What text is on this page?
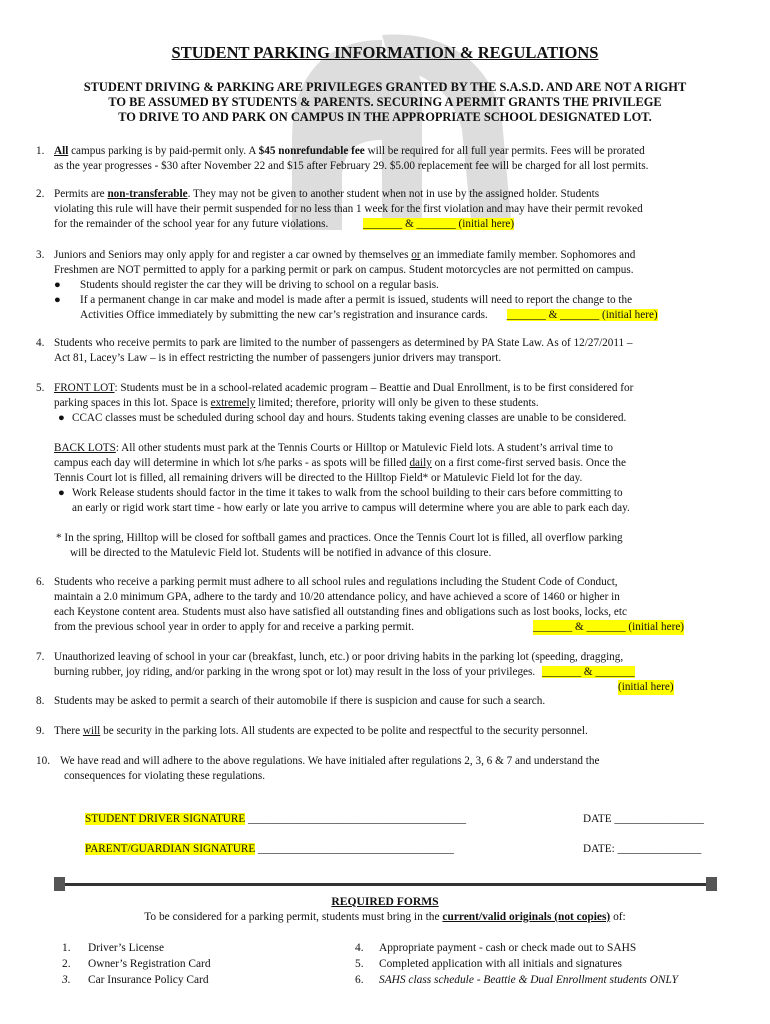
STUDENT PARKING INFORMATION & REGULATIONS
STUDENT DRIVING & PARKING ARE PRIVILEGES GRANTED BY THE S.A.S.D. AND ARE NOT A RIGHT
TO BE ASSUMED BY STUDENTS & PARENTS. SECURING A PERMIT GRANTS THE PRIVILEGE
TO DRIVE TO AND PARK ON CAMPUS IN THE APPROPRIATE SCHOOL DESIGNATED LOT.
1. All campus parking is by paid-permit only. A $45 nonrefundable fee will be required for all full year permits. Fees will be prorated
as the year progresses - $30 after November 22 and $15 after February 29. $5.00 replacement fee will be charged for all lost permits.
2. Permits are non-transferable. They may not be given to another student when not in use by the assigned holder. Students
violating this rule will have their permit suspended for no less than 1 week for the first violation and may have their permit revoked
for the remainder of the school year for any future violations.	_______ & _______ (initial here)
3. Juniors and Seniors may only apply for and register a car owned by themselves or an immediate family member. Sophomores and
Freshmen are NOT permitted to apply for a parking permit or park on campus. Student motorcycles are not permitted on campus.
● Students should register the car they will be driving to school on a regular basis.
● If a permanent change in car make and model is made after a permit is issued, students will need to report the change to the
Activities Office immediately by submitting the new car’s registration and insurance cards. _______ & _______ (initial here)
4. Students who receive permits to park are limited to the number of passengers as determined by PA State Law. As of 12/27/2011 –
Act 81, Lacey’s Law – is in effect restricting the number of passengers junior drivers may transport.
5. FRONT LOT: Students must be in a school-related academic program – Beattie and Dual Enrollment, is to be first considered for
parking spaces in this lot. Space is extremely limited; therefore, priority will only be given to these students.
● CCAC classes must be scheduled during school day and hours. Students taking evening classes are unable to be considered.
BACK LOTS: All other students must park at the Tennis Courts or Hilltop or Matulevic Field lots. A student’s arrival time to
campus each day will determine in which lot s/he parks - as spots will be filled daily on a first come-first served basis. Once the
Tennis Court lot is filled, all remaining drivers will be directed to the Hilltop Field* or Matulevic Field lot for the day.
● Work Release students should factor in the time it takes to walk from the school building to their cars before committing to
an early or rigid work start time - how early or late you arrive to campus will determine where you are able to park each day.
* In the spring, Hilltop will be closed for softball games and practices. Once the Tennis Court lot is filled, all overflow parking
will be directed to the Matulevic Field lot. Students will be notified in advance of this closure.
6. Students who receive a parking permit must adhere to all school rules and regulations including the Student Code of Conduct,
maintain a 2.0 minimum GPA, adhere to the tardy and 10/20 attendance policy, and have achieved a score of 1460 or higher in
each Keystone content area. Students must also have satisfied all outstanding fines and obligations such as lost books, locks, etc
from the previous school year in order to apply for and receive a parking permit.	_______ & _______ (initial here)
7. Unauthorized leaving of school in your car (breakfast, lunch, etc.) or poor driving habits in the parking lot (speeding, dragging,
burning rubber, joy riding, and/or parking in the wrong spot or lot) may result in the loss of your privileges. _______ & _______
(initial here)
8. Students may be asked to permit a search of their automobile if there is suspicion and cause for such a search.
9. There will be security in the parking lots. All students are expected to be polite and respectful to the security personnel.
10. We have read and will adhere to the above regulations. We have initialed after regulations 2, 3, 6 & 7 and understand the
consequences for violating these regulations.
STUDENT DRIVER SIGNATURE _______________________________________	DATE ________________
PARENT/GUARDIAN SIGNATURE ___________________________________	DATE: _______________
REQUIRED FORMS
To be considered for a parking permit, students must bring in the current/valid originals (not copies) of:
1. Driver’s License
2. Owner’s Registration Card
3. Car Insurance Policy Card
4. Appropriate payment - cash or check made out to SAHS
5. Completed application with all initials and signatures
6. SAHS class schedule - Beattie & Dual Enrollment students ONLY
